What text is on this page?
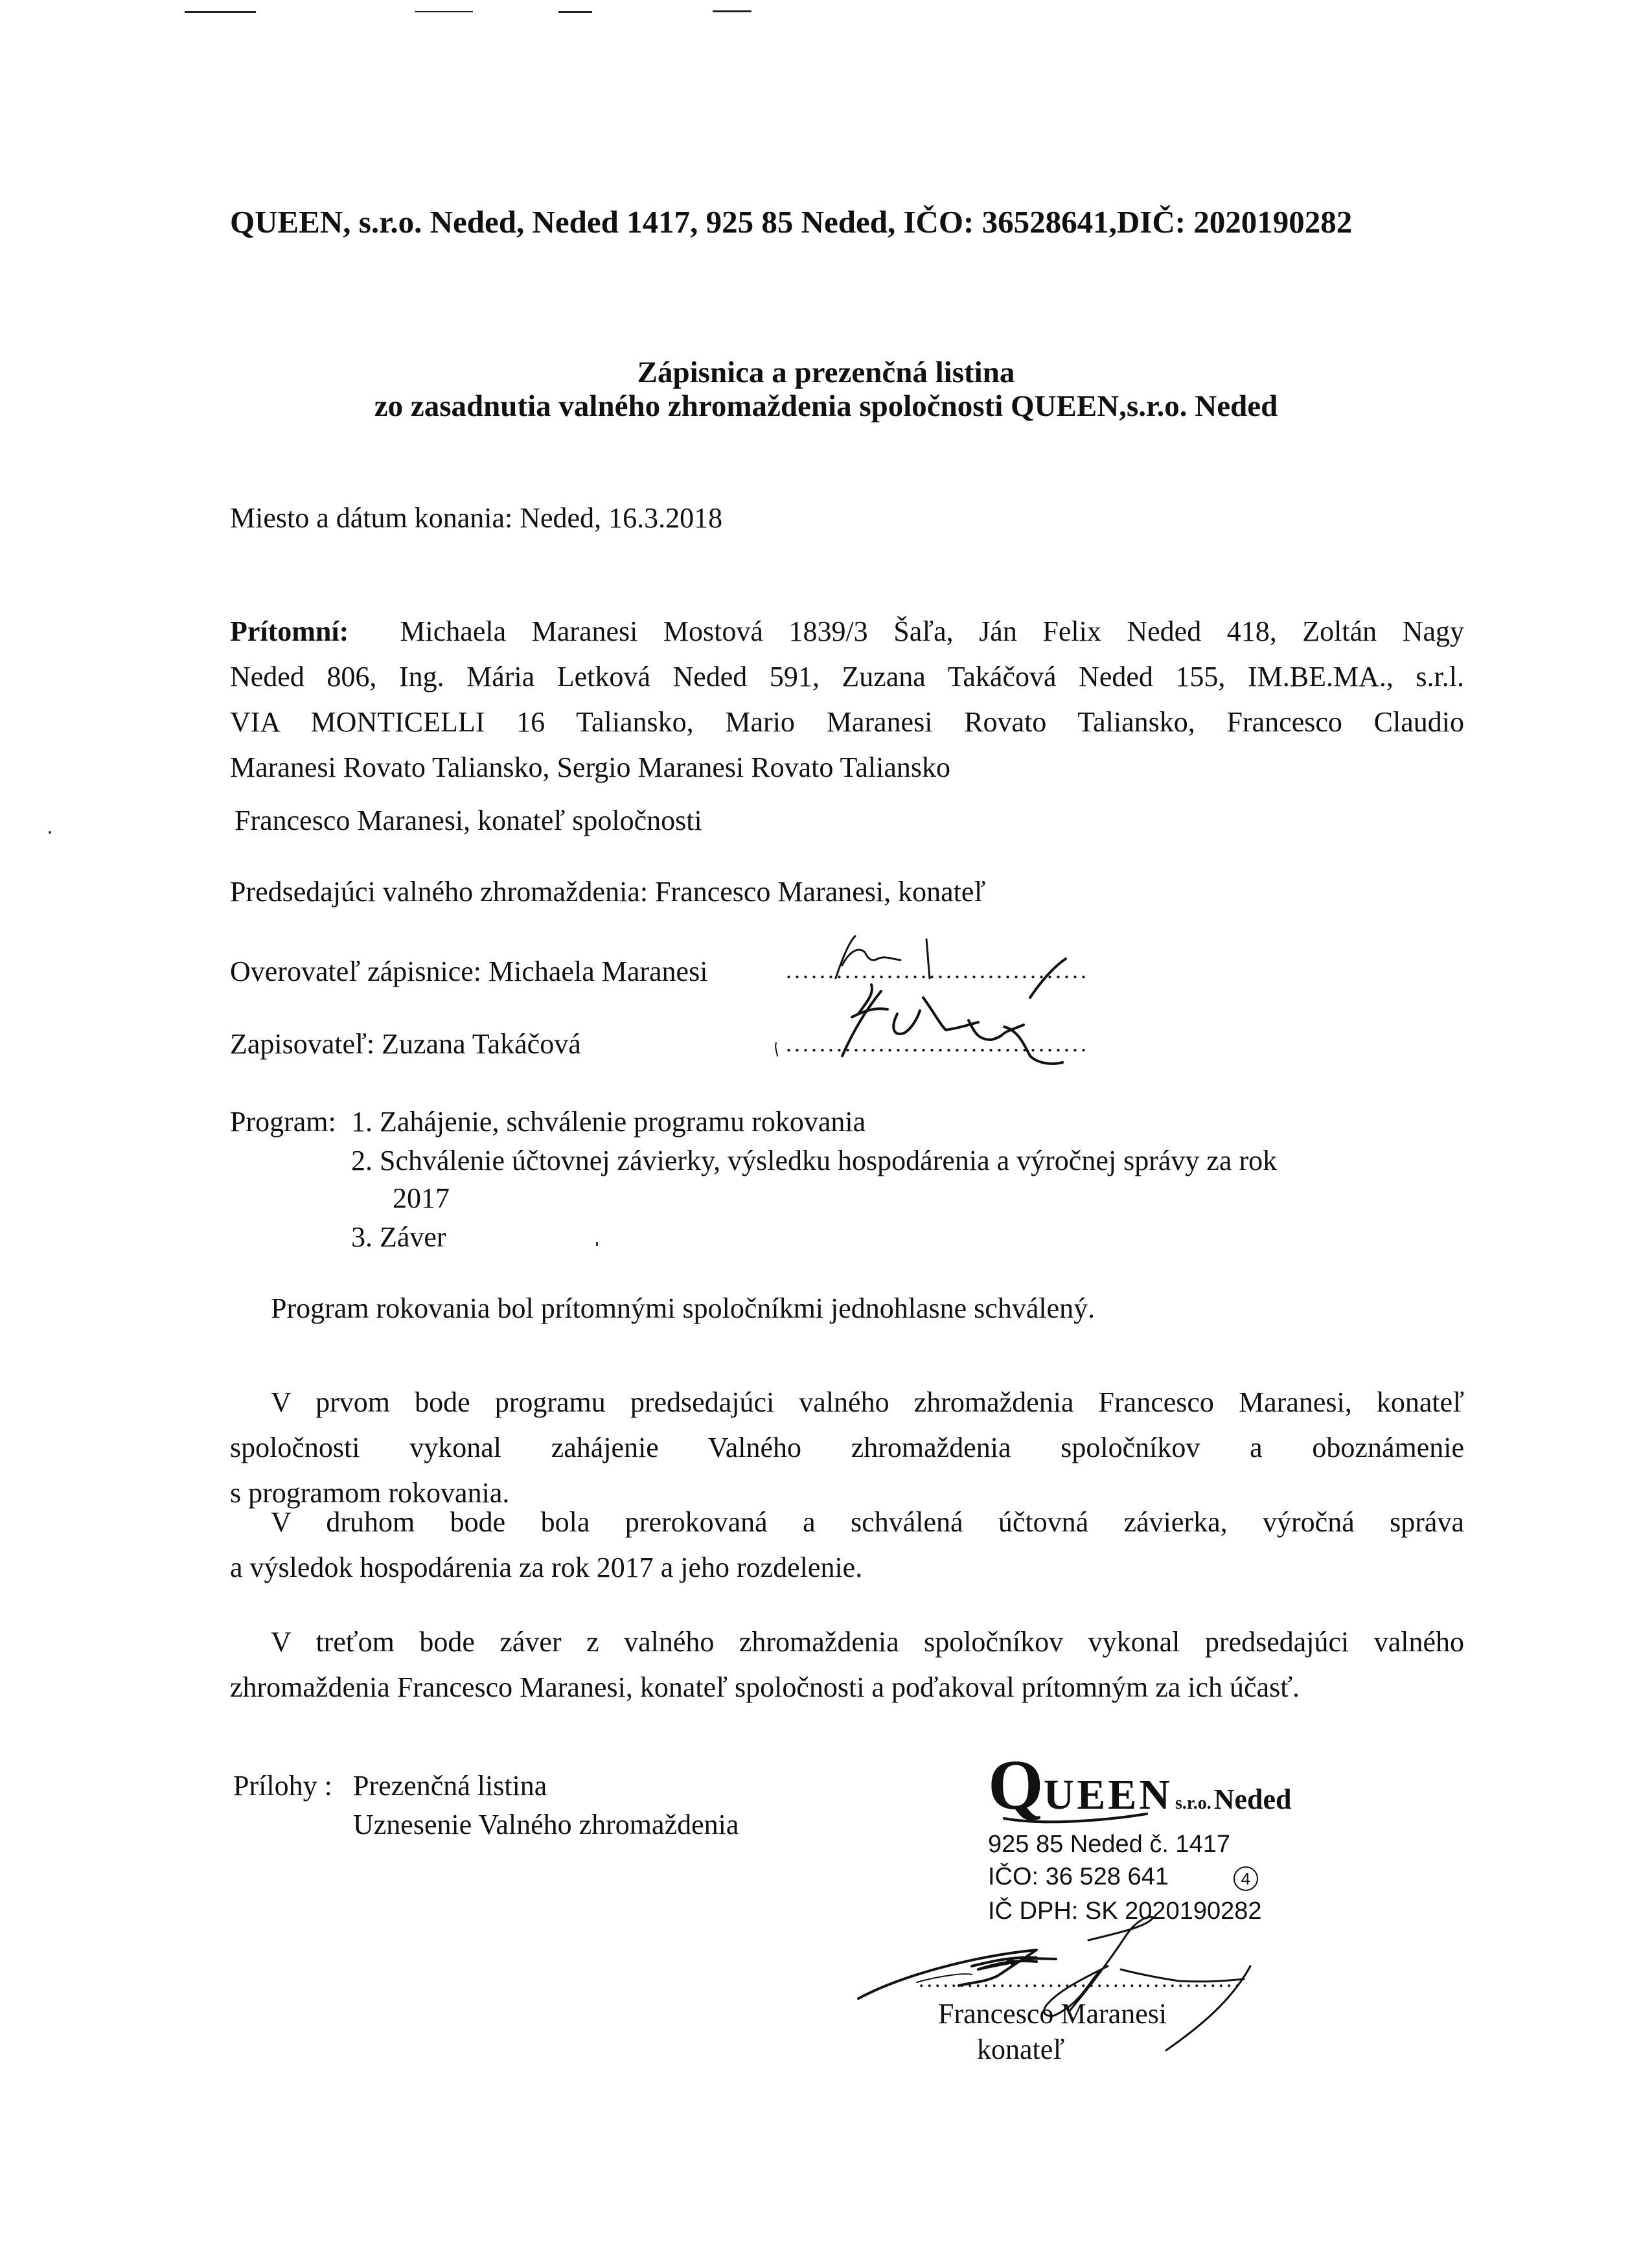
QUEEN, s.r.o. Neded, Neded 1417, 925 85 Neded, IČO: 36528641,DIČ: 2020190282
Zápisnica a prezenčná listina
zo zasadnutia valného zhromaždenia spoločnosti QUEEN,s.r.o. Neded
Miesto a dátum konania: Neded, 16.3.2018
Prítomní: Michaela Maranesi Mostová 1839/3 Šaľa, Ján Felix Neded 418, Zoltán Nagy
Neded 806, Ing. Mária Letková Neded 591, Zuzana Takáčová Neded 155, IM.BE.MA., s.r.l.
VIA MONTICELLI 16 Taliansko, Mario Maranesi Rovato Taliansko, Francesco Claudio
Maranesi Rovato Taliansko, Sergio Maranesi Rovato Taliansko
Francesco Maranesi, konateľ spoločnosti
Predsedajúci valného zhromaždenia: Francesco Maranesi, konateľ
Overovateľ zápisnice: Michaela Maranesi	....................................
Zapisovateľ: Zuzana Takáčová	....................................
Program: 1. Zahájenie, schválenie programu rokovania
2. Schválenie účtovnej závierky, výsledku hospodárenia a výročnej správy za rok
2017
3. Záver
Program rokovania bol prítomnými spoločníkmi jednohlasne schválený.
V prvom bode programu predsedajúci valného zhromaždenia Francesco Maranesi, konateľ
spoločnosti vykonal zahájenie Valného zhromaždenia spoločníkov a oboznámenie
s programom rokovania.
V druhom bode bola prerokovaná a schválená účtovná závierka, výročná správa
a výsledok hospodárenia za rok 2017 a jeho rozdelenie.
V treťom bode záver z valného zhromaždenia spoločníkov vykonal predsedajúci valného
zhromaždenia Francesco Maranesi, konateľ spoločnosti a poďakoval prítomným za ich účasť.
Prílohy : Prezenčná listina
Uznesenie Valného zhromaždenia
QUEEN s.r.o. Neded
925 85 Neded č. 1417
IČO: 36 528 641	4
IČ DPH: SK 2020190282
........................................
Francesco Maranesi
konateľ
